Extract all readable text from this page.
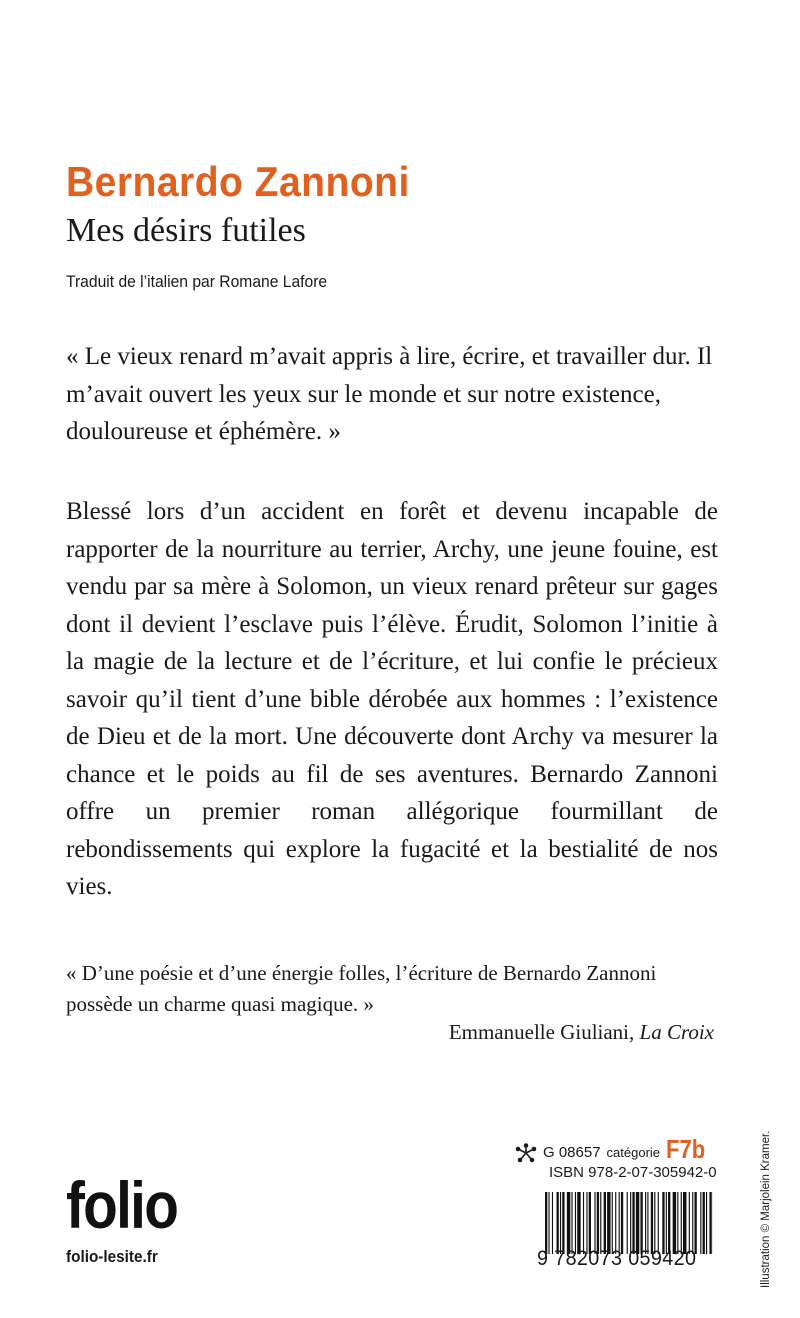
Bernardo Zannoni
Mes désirs futiles
Traduit de l’italien par Romane Lafore
« Le vieux renard m’avait appris à lire, écrire, et travailler dur. Il m’avait ouvert les yeux sur le monde et sur notre existence, douloureuse et éphémère. »
Blessé lors d’un accident en forêt et devenu incapable de rapporter de la nourriture au terrier, Archy, une jeune fouine, est vendu par sa mère à Solomon, un vieux renard prêteur sur gages dont il devient l’esclave puis l’élève. Érudit, Solomon l’initie à la magie de la lecture et de l’écriture, et lui confie le précieux savoir qu’il tient d’une bible dérobée aux hommes : l’existence de Dieu et de la mort. Une découverte dont Archy va mesurer la chance et le poids au fil de ses aventures. Bernardo Zannoni offre un premier roman allégorique fourmillant de rebondissements qui explore la fugacité et la bestialité de nos vies.
« D’une poésie et d’une énergie folles, l’écriture de Bernardo Zannoni possède un charme quasi magique. »
Emmanuelle Giuliani, La Croix
folio
folio-lesite.fr
G 08657 catégorie F7b
ISBN 978-2-07-305942-0
9 782073 059420	Illustration © Marjolein Kramer.
